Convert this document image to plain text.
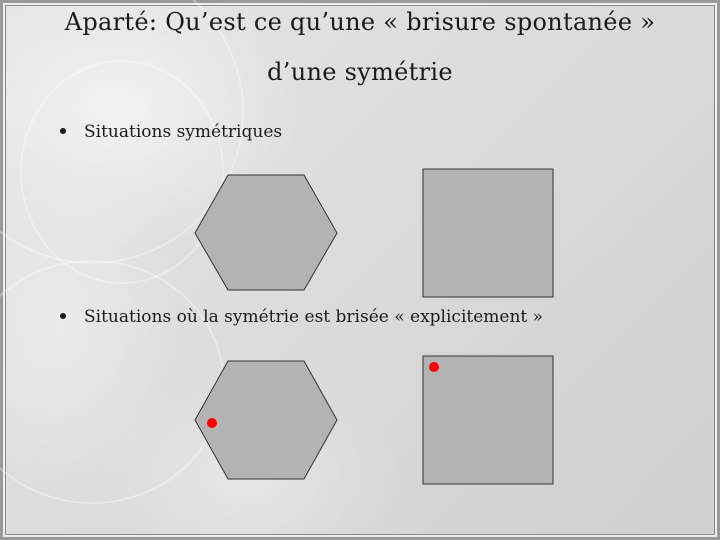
Aparté: Qu’est ce qu’une « brisure spontanée »
d’une symétrie
Situations symétriques
Situations où la symétrie est brisée « explicitement »
